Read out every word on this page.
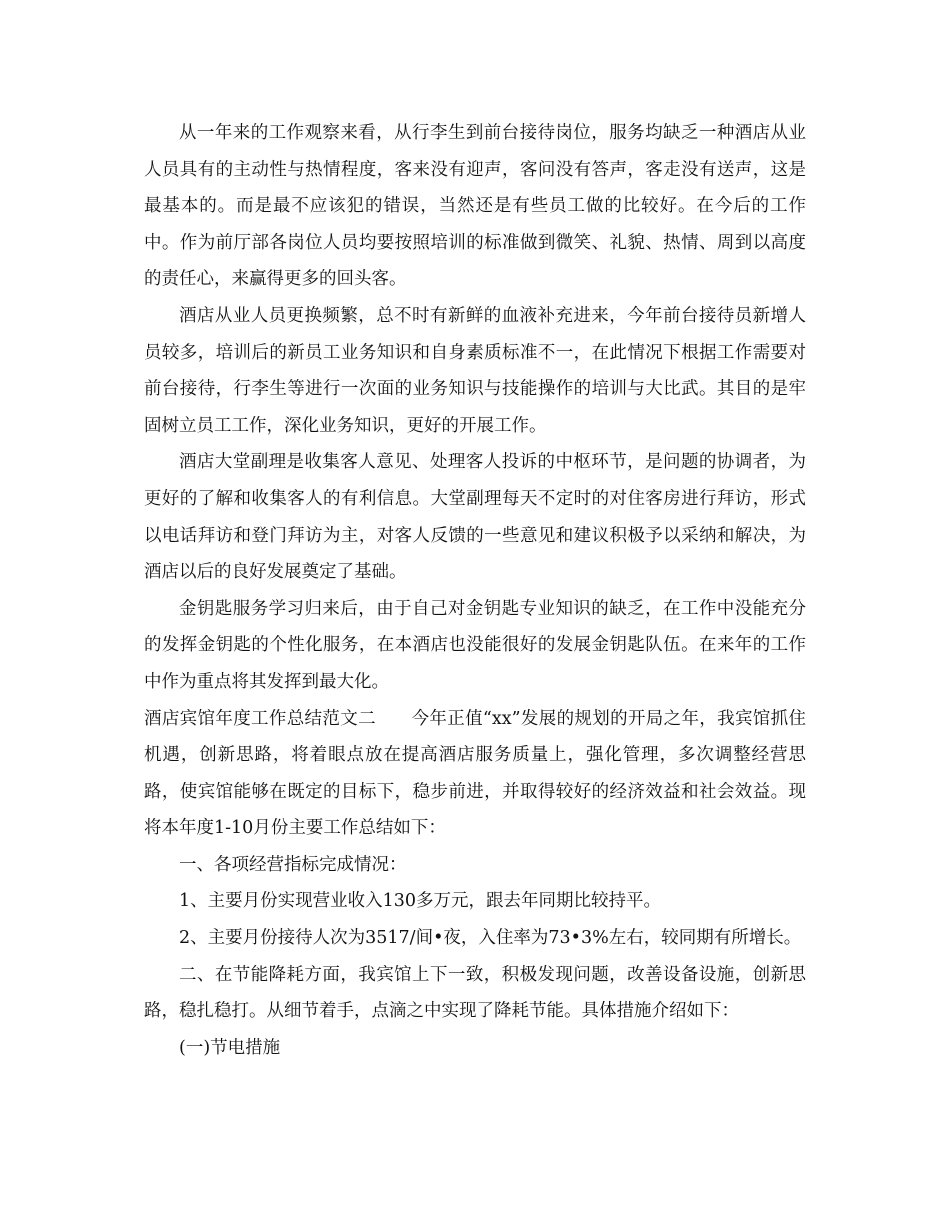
从一年来的工作观察来看，从行李生到前台接待岗位，服务均缺乏一种酒店从业人员具有的主动性与热情程度，客来没有迎声，客问没有答声，客走没有送声，这是最基本的。而是最不应该犯的错误，当然还是有些员工做的比较好。在今后的工作中。作为前厅部各岗位人员均要按照培训的标准做到微笑、礼貌、热情、周到以高度的责任心，来赢得更多的回头客。

酒店从业人员更换频繁，总不时有新鲜的血液补充进来，今年前台接待员新增人员较多，培训后的新员工业务知识和自身素质标准不一，在此情况下根据工作需要对前台接待，行李生等进行一次面的业务知识与技能操作的培训与大比武。其目的是牢固树立员工工作，深化业务知识，更好的开展工作。

酒店大堂副理是收集客人意见、处理客人投诉的中枢环节，是问题的协调者，为更好的了解和收集客人的有利信息。大堂副理每天不定时的对住客房进行拜访，形式以电话拜访和登门拜访为主，对客人反馈的一些意见和建议积极予以采纳和解决，为酒店以后的良好发展奠定了基础。

金钥匙服务学习归来后，由于自己对金钥匙专业知识的缺乏，在工作中没能充分的发挥金钥匙的个性化服务，在本酒店也没能很好的发展金钥匙队伍。在来年的工作中作为重点将其发挥到最大化。

酒店宾馆年度工作总结范文二　　今年正值“xx”发展的规划的开局之年，我宾馆抓住机遇，创新思路，将着眼点放在提高酒店服务质量上，强化管理，多次调整经营思路，使宾馆能够在既定的目标下，稳步前进，并取得较好的经济效益和社会效益。现将本年度1-10月份主要工作总结如下：

一、各项经营指标完成情况：

1、主要月份实现营业收入130多万元，跟去年同期比较持平。

2、主要月份接待人次为3517/间•夜，入住率为73•3%左右，较同期有所增长。

二、在节能降耗方面，我宾馆上下一致，积极发现问题，改善设备设施，创新思路，稳扎稳打。从细节着手，点滴之中实现了降耗节能。具体措施介绍如下：

(一)节电措施
